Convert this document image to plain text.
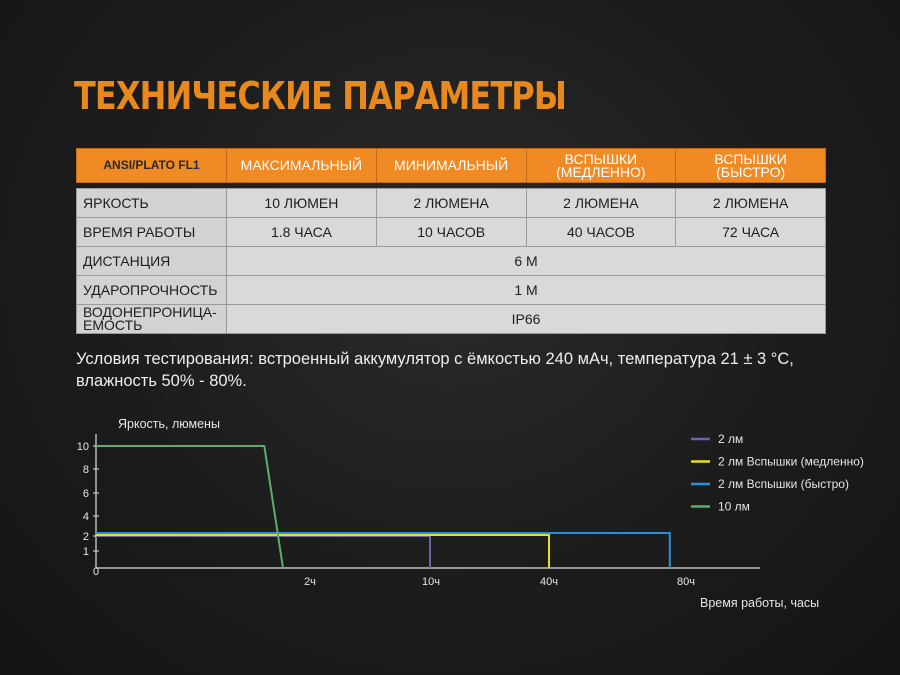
ТЕХНИЧЕСКИЕ ПАРАМЕТРЫ
ANSI/PLATO FL1	МАКСИМАЛЬНЫЙ	МИНИМАЛЬНЫЙ	ВСПЫШКИ (МЕДЛЕННО)	ВСПЫШКИ (БЫСТРО)
ЯРКОСТЬ	10 ЛЮМЕН	2 ЛЮМЕНА	2 ЛЮМЕНА	2 ЛЮМЕНА
ВРЕМЯ РАБОТЫ	1.8 ЧАСА	10 ЧАСОВ	40 ЧАСОВ	72 ЧАСА
ДИСТАНЦИЯ	6 М			
УДАРОПРОЧНОСТЬ	1 М			
ВОДОНЕПРОНИЦА-ЕМОСТЬ	IP66			
Условия тестирования: встроенный аккумулятор с ёмкостью 240 мАч, температура 21 ± 3 °C, влажность 50% - 80%.
Яркость, люмены
Время работы, часы
10
8
6
4
2
1
0
2ч	10ч	40ч	80ч
2 лм
2 лм Вспышки (медленно)
2 лм Вспышки (быстро)
10 лм
